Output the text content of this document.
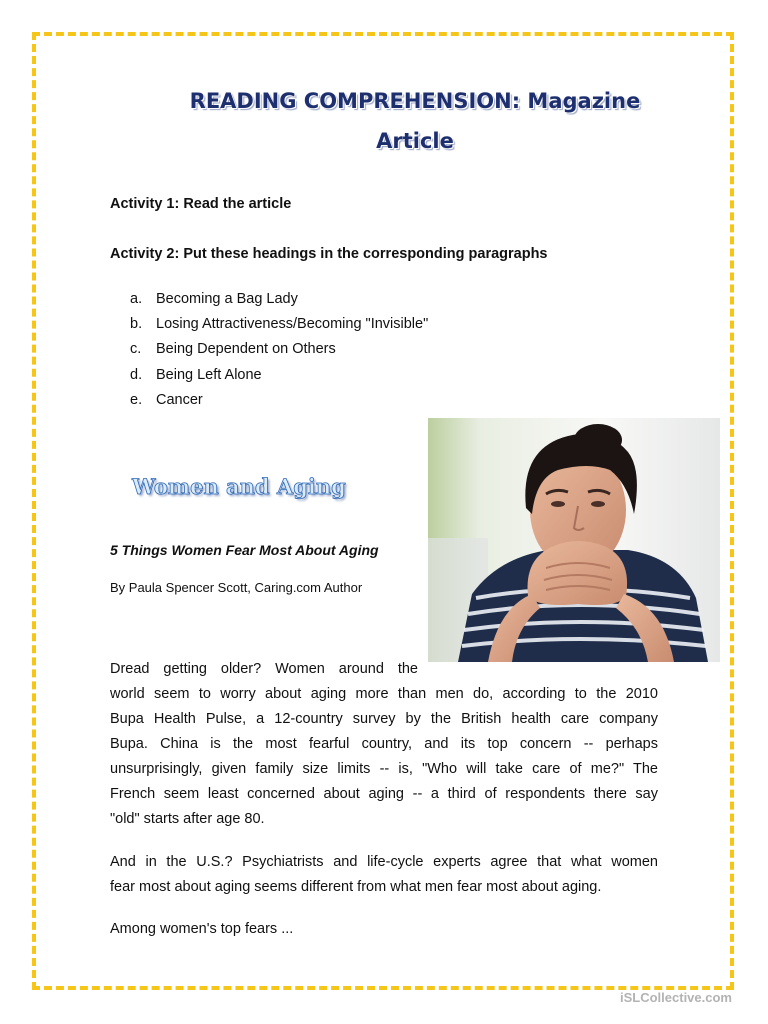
READING COMPREHENSION: Magazine
Article
Activity 1: Read the article
Activity 2: Put these headings in the corresponding paragraphs
a. Becoming a Bag Lady
b. Losing Attractiveness/Becoming "Invisible"
c. Being Dependent on Others
d. Being Left Alone
e. Cancer
Women and Aging
5 Things Women Fear Most About Aging
By Paula Spencer Scott, Caring.com Author
Dread getting older? Women around the
world seem to worry about aging more than men do, according to the 2010
Bupa Health Pulse, a 12-country survey by the British health care company
Bupa. China is the most fearful country, and its top concern -- perhaps
unsurprisingly, given family size limits -- is, "Who will take care of me?" The
French seem least concerned about aging -- a third of respondents there say
"old" starts after age 80.
And in the U.S.? Psychiatrists and life-cycle experts agree that what women
fear most about aging seems different from what men fear most about aging.
Among women's top fears ...
iSLCollective.com
